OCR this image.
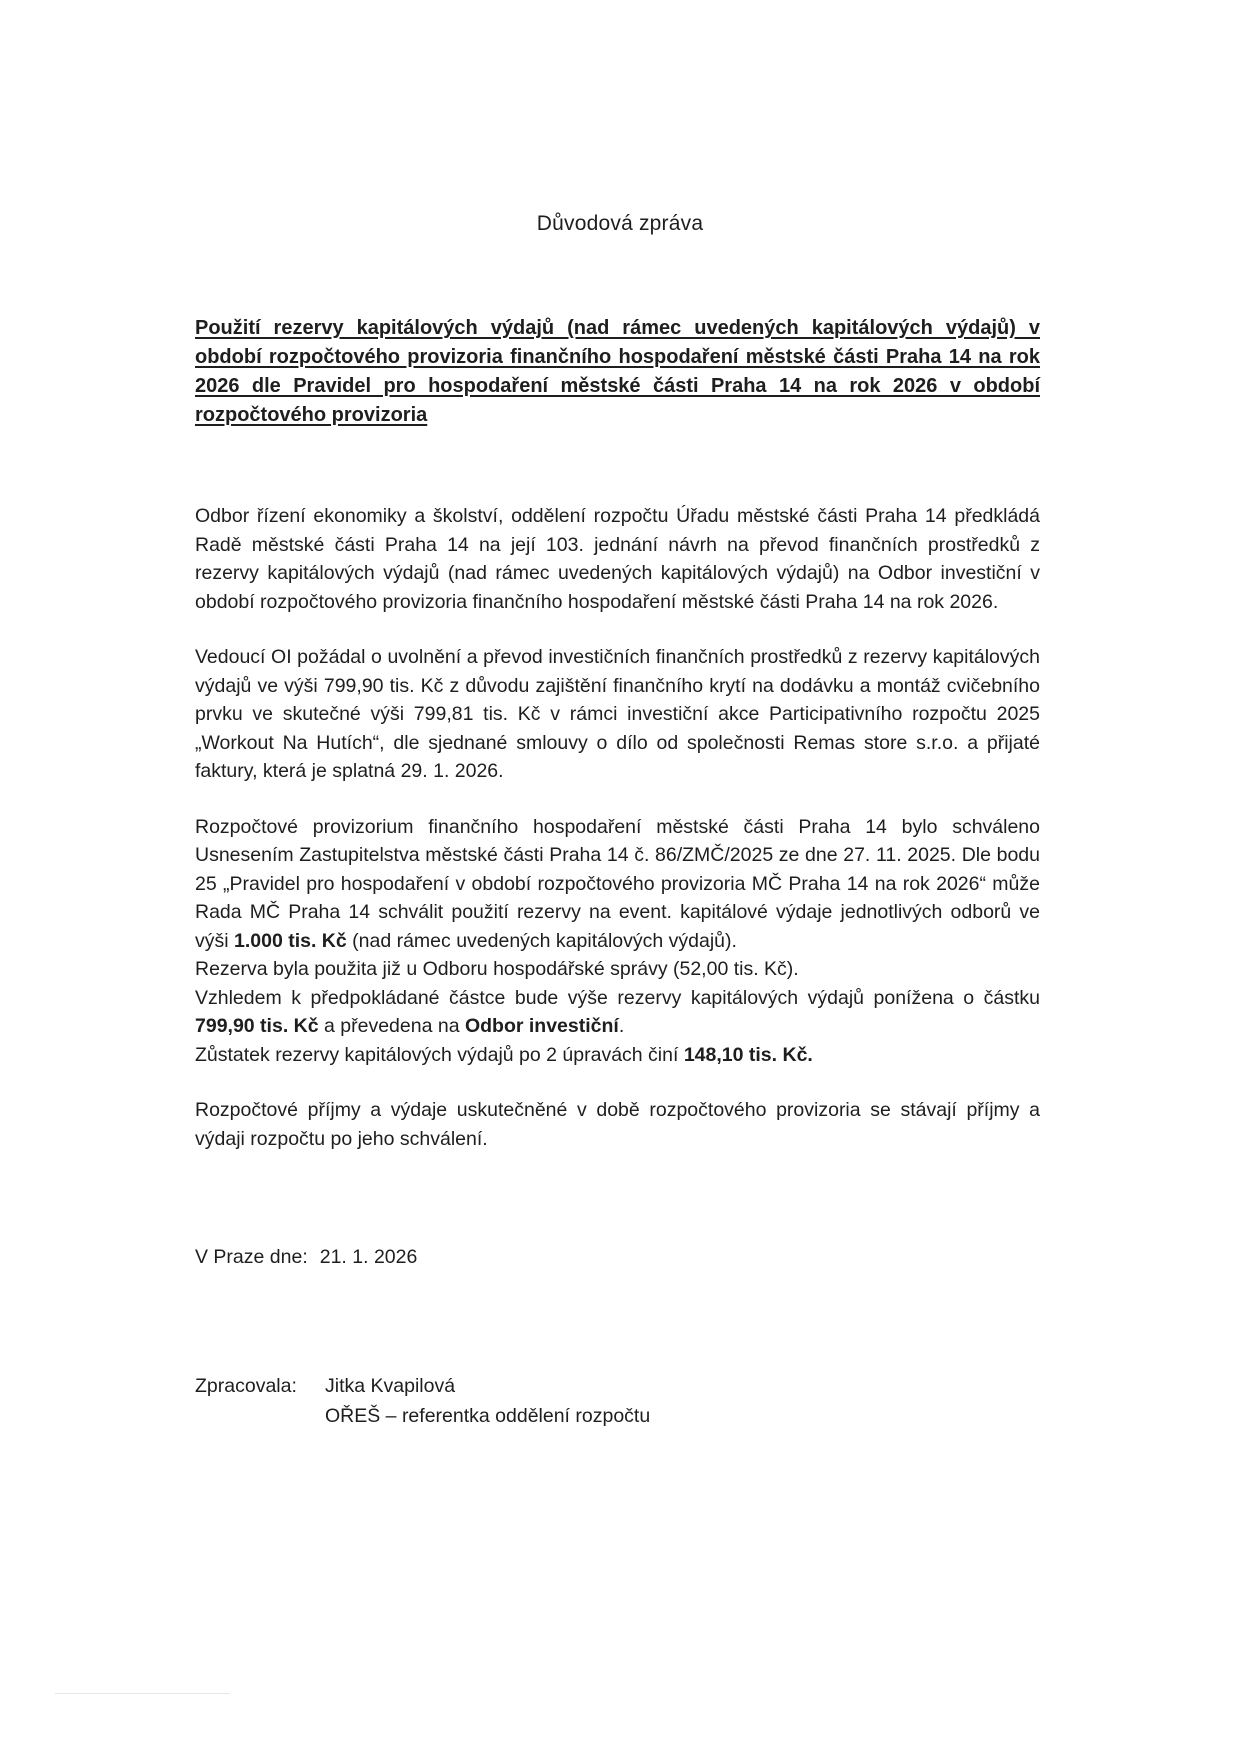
Důvodová zpráva
Použití rezervy kapitálových výdajů (nad rámec uvedených kapitálových výdajů) v období rozpočtového provizoria finančního hospodaření městské části Praha 14 na rok 2026 dle Pravidel pro hospodaření městské části Praha 14 na rok 2026 v období rozpočtového provizoria

Odbor řízení ekonomiky a školství, oddělení rozpočtu Úřadu městské části Praha 14 předkládá Radě městské části Praha 14 na její 103. jednání návrh na převod finančních prostředků z rezervy kapitálových výdajů (nad rámec uvedených kapitálových výdajů) na Odbor investiční v období rozpočtového provizoria finančního hospodaření městské části Praha 14 na rok 2026.

Vedoucí OI požádal o uvolnění a převod investičních finančních prostředků z rezervy kapitálových výdajů ve výši 799,90 tis. Kč z důvodu zajištění finančního krytí na dodávku a montáž cvičebního prvku ve skutečné výši 799,81 tis. Kč v rámci investiční akce Participativního rozpočtu 2025 „Workout Na Hutích“, dle sjednané smlouvy o dílo od společnosti Remas store s.r.o. a přijaté faktury, která je splatná 29. 1. 2026.

Rozpočtové provizorium finančního hospodaření městské části Praha 14 bylo schváleno Usnesením Zastupitelstva městské části Praha 14 č. 86/ZMČ/2025 ze dne 27. 11. 2025. Dle bodu 25 „Pravidel pro hospodaření v období rozpočtového provizoria MČ Praha 14 na rok 2026“ může Rada MČ Praha 14 schválit použití rezervy na event. kapitálové výdaje jednotlivých odborů ve výši 1.000 tis. Kč (nad rámec uvedených kapitálových výdajů).
Rezerva byla použita již u Odboru hospodářské správy (52,00 tis. Kč).
Vzhledem k předpokládané částce bude výše rezervy kapitálových výdajů ponížena o částku 799,90 tis. Kč a převedena na Odbor investiční.
Zůstatek rezervy kapitálových výdajů po 2 úpravách činí 148,10 tis. Kč.

Rozpočtové příjmy a výdaje uskutečněné v době rozpočtového provizoria se stávají příjmy a výdaji rozpočtu po jeho schválení.

V Praze dne: 21. 1. 2026
Zpracovala: Jitka Kvapilová
OŘEŠ – referentka oddělení rozpočtu
